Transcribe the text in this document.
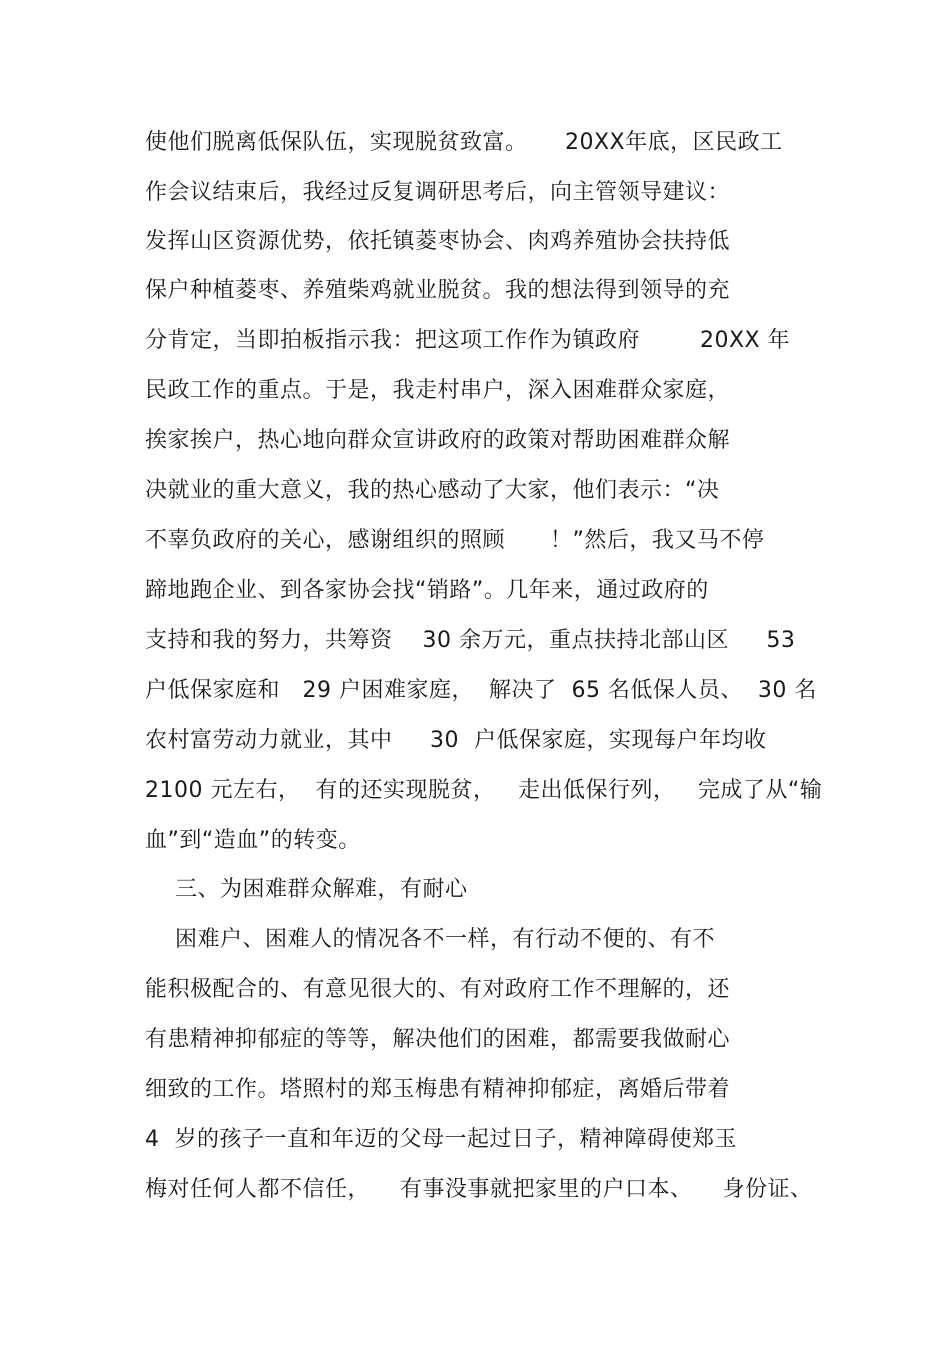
使他们脱离低保队伍，实现脱贫致富。     20XX年底，区民政工
作会议结束后，我经过反复调研思考后，向主管领导建议：
发挥山区资源优势，依托镇菱枣协会、肉鸡养殖协会扶持低
保户种植菱枣、养殖柴鸡就业脱贫。我的想法得到领导的充
分肯定，当即拍板指示我：把这项工作作为镇政府        20XX 年
民政工作的重点。于是，我走村串户，深入困难群众家庭，
挨家挨户，热心地向群众宣讲政府的政策对帮助困难群众解
决就业的重大意义，我的热心感动了大家，他们表示：“决
不辜负政府的关心，感谢组织的照顾      ！”然后，我又马不停
蹄地跑企业、到各家协会找“销路”。几年来，通过政府的
支持和我的努力，共筹资    30 余万元，重点扶持北部山区     53
户低保家庭和   29 户困难家庭，  解决了  65 名低保人员、  30 名
农村富劳动力就业，其中     30  户低保家庭，实现每户年均收
2100 元左右，  有的还实现脱贫，   走出低保行列，   完成了从“输
血”到“造血”的转变。
三、为困难群众解难，有耐心
困难户、困难人的情况各不一样，有行动不便的、有不
能积极配合的、有意见很大的、有对政府工作不理解的，还
有患精神抑郁症的等等，解决他们的困难，都需要我做耐心
细致的工作。塔照村的郑玉梅患有精神抑郁症，离婚后带着
4  岁的孩子一直和年迈的父母一起过日子，精神障碍使郑玉
梅对任何人都不信任，    有事没事就把家里的户口本、    身份证、
